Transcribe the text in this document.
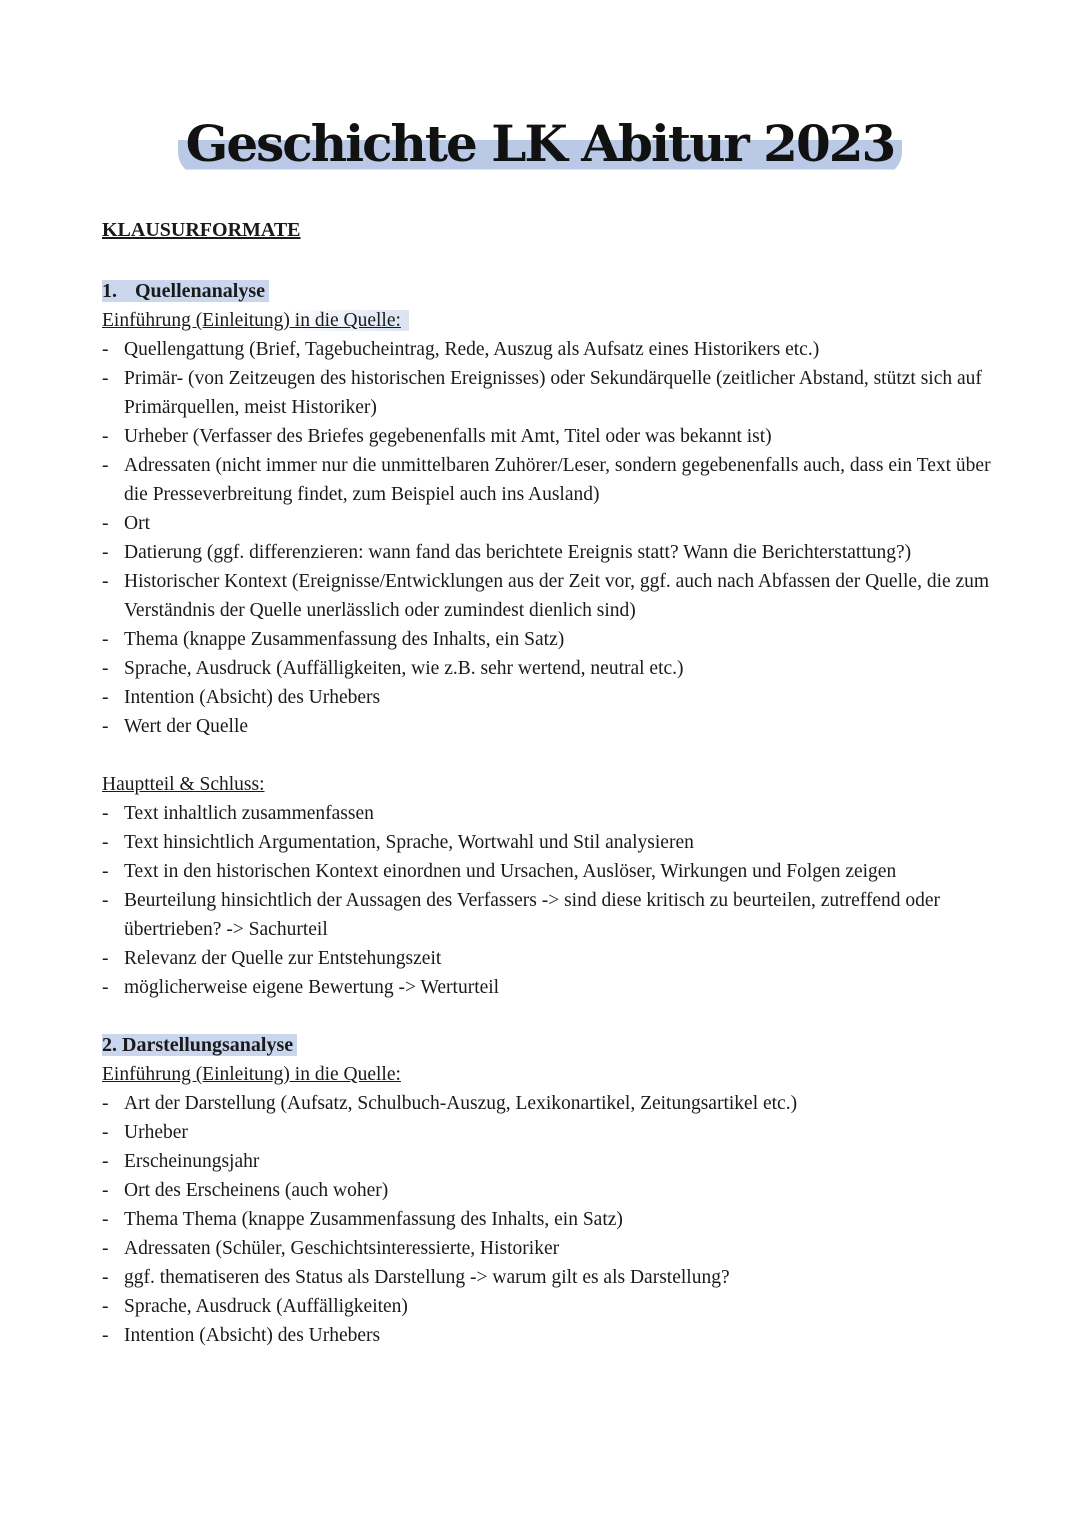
Geschichte LK Abitur 2023
KLAUSURFORMATE
1. Quellenanalyse
Einführung (Einleitung) in die Quelle:
- Quellengattung (Brief, Tagebucheintrag, Rede, Auszug als Aufsatz eines Historikers etc.)
- Primär- (von Zeitzeugen des historischen Ereignisses) oder Sekundärquelle (zeitlicher Abstand, stützt sich auf Primärquellen, meist Historiker)
- Urheber (Verfasser des Briefes gegebenenfalls mit Amt, Titel oder was bekannt ist)
- Adressaten (nicht immer nur die unmittelbaren Zuhörer/Leser, sondern gegebenenfalls auch, dass ein Text über die Presseverbreitung findet, zum Beispiel auch ins Ausland)
- Ort
- Datierung (ggf. differenzieren: wann fand das berichtete Ereignis statt? Wann die Berichterstattung?)
- Historischer Kontext (Ereignisse/Entwicklungen aus der Zeit vor, ggf. auch nach Abfassen der Quelle, die zum Verständnis der Quelle unerlässlich oder zumindest dienlich sind)
- Thema (knappe Zusammenfassung des Inhalts, ein Satz)
- Sprache, Ausdruck (Auffälligkeiten, wie z.B. sehr wertend, neutral etc.)
- Intention (Absicht) des Urhebers
- Wert der Quelle
Hauptteil & Schluss:
- Text inhaltlich zusammenfassen
- Text hinsichtlich Argumentation, Sprache, Wortwahl und Stil analysieren
- Text in den historischen Kontext einordnen und Ursachen, Auslöser, Wirkungen und Folgen zeigen
- Beurteilung hinsichtlich der Aussagen des Verfassers -> sind diese kritisch zu beurteilen, zutreffend oder übertrieben? -> Sachurteil
- Relevanz der Quelle zur Entstehungszeit
- möglicherweise eigene Bewertung -> Werturteil
2. Darstellungsanalyse
Einführung (Einleitung) in die Quelle:
- Art der Darstellung (Aufsatz, Schulbuch-Auszug, Lexikonartikel, Zeitungsartikel etc.)
- Urheber
- Erscheinungsjahr
- Ort des Erscheinens (auch woher)
- Thema Thema (knappe Zusammenfassung des Inhalts, ein Satz)
- Adressaten (Schüler, Geschichtsinteressierte, Historiker
- ggf. thematiseren des Status als Darstellung -> warum gilt es als Darstellung?
- Sprache, Ausdruck (Auffälligkeiten)
- Intention (Absicht) des Urhebers
